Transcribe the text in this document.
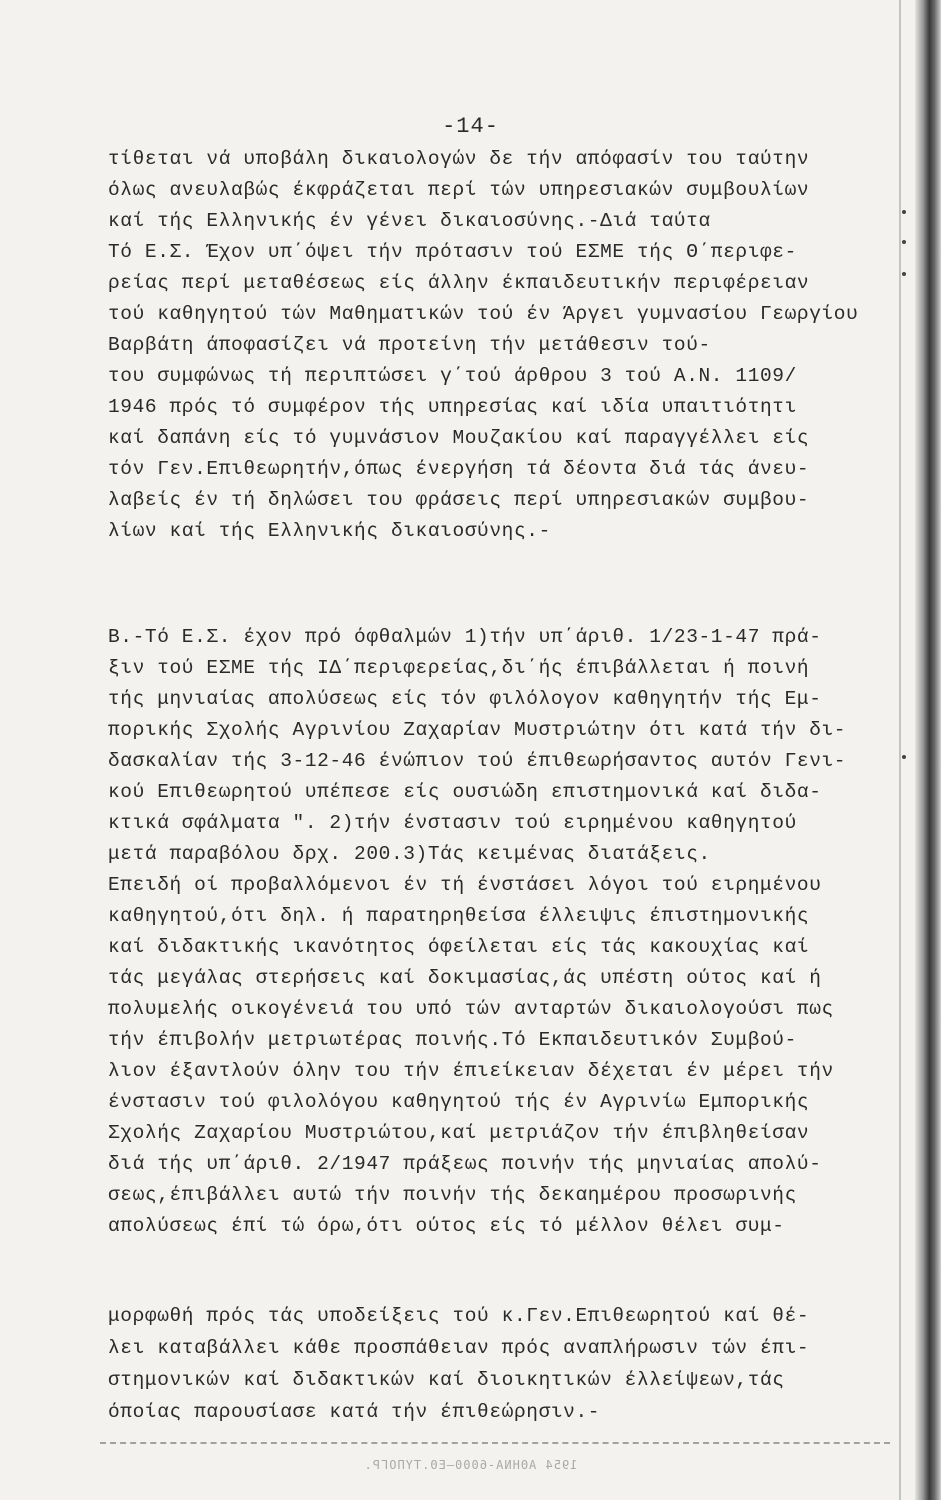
-14-
τίθεται νά υποβάλη δικαιολογών δε τήν απόφασίν του ταύτην
όλως ανευλαβώς έκφράζεται περί τών υπηρεσιακών συμβουλίων
καί τής Ελληνικής έν γένει δικαιοσύνης.-Διά ταύτα
Τό Ε.Σ. Έχον υπ΄όψει τήν πρότασιν τού ΕΣΜΕ τής Θ΄περιφε-
ρείας περί μεταθέσεως είς άλλην έκπαιδευτικήν περιφέρειαν
τού καθηγητού τών Μαθηματικών τού έν Άργει γυμνασίου Γεωργίου
Βαρβάτη άποφασίζει νά προτείνη τήν μετάθεσιν τού-
του συμφώνως τή περιπτώσει γ΄τού άρθρου 3 τού Α.Ν. 1109/
1946 πρός τό συμφέρον τής υπηρεσίας καί ιδία υπαιτιότητι
καί δαπάνη είς τό γυμνάσιον Μουζακίου καί παραγγέλλει είς
τόν Γεν.Επιθεωρητήν,όπως ένεργήση τά δέοντα διά τάς άνευ-
λαβείς έν τή δηλώσει του φράσεις περί υπηρεσιακών συμβου-
λίων καί τής Ελληνικής δικαιοσύνης.-
Β.-Τό Ε.Σ. έχον πρό όφθαλμών 1)τήν υπ΄άριθ. 1/23-1-47 πρά-
ξιν τού ΕΣΜΕ τής ΙΔ΄περιφερείας,δι΄ής έπιβάλλεται ή ποινή
τής μηνιαίας απολύσεως είς τόν φιλόλογον καθηγητήν τής Εμ-
πορικής Σχολής Αγρινίου Ζαχαρίαν Μυστριώτην ότι κατά τήν δι-
δασκαλίαν τής 3-12-46 ένώπιον τού έπιθεωρήσαντος αυτόν Γενι-
κού Επιθεωρητού υπέπεσε είς ουσιώδη επιστημονικά καί διδα-
κτικά σφάλματα ". 2)τήν ένστασιν τού ειρημένου καθηγητού
μετά παραβόλου δρχ. 200.3)Τάς κειμένας διατάξεις.
Επειδή οί προβαλλόμενοι έν τή ένστάσει λόγοι τού ειρημένου
καθηγητού,ότι δηλ. ή παρατηρηθείσα έλλειψις έπιστημονικής
καί διδακτικής ικανότητος όφείλεται είς τάς κακουχίας καί
τάς μεγάλας στερήσεις καί δοκιμασίας,άς υπέστη ούτος καί ή
πολυμελής οικογένειά του υπό τών ανταρτών δικαιολογούσι πως
τήν έπιβολήν μετριωτέρας ποινής.Τό Εκπαιδευτικόν Συμβού-
λιον έξαντλούν όλην του τήν έπιείκειαν δέχεται έν μέρει τήν
ένστασιν τού φιλολόγου καθηγητού τής έν Αγρινίω Εμπορικής
Σχολής Ζαχαρίου Μυστριώτου,καί μετριάζον τήν έπιβληθείσαν
διά τής υπ΄άριθ. 2/1947 πράξεως ποινήν τής μηνιαίας απολύ-
σεως,έπιβάλλει αυτώ τήν ποινήν τής δεκαημέρου προσωρινής
απολύσεως έπί τώ όρω,ότι ούτος είς τό μέλλον θέλει συμ-
μορφωθή πρός τάς υποδείξεις τού κ.Γεν.Επιθεωρητού καί θέ-
λει καταβάλλει κάθε προσπάθειαν πρός αναπλήρωσιν τών έπι-
στημονικών καί διδακτικών καί διοικητικών έλλείψεων,τάς
όποίας παρουσίασε κατά τήν έπιθεώρησιν.-
1954 ΑΘΗΝΑ-6000—ΕΘ.ΤΥΠΟΓΡ.
